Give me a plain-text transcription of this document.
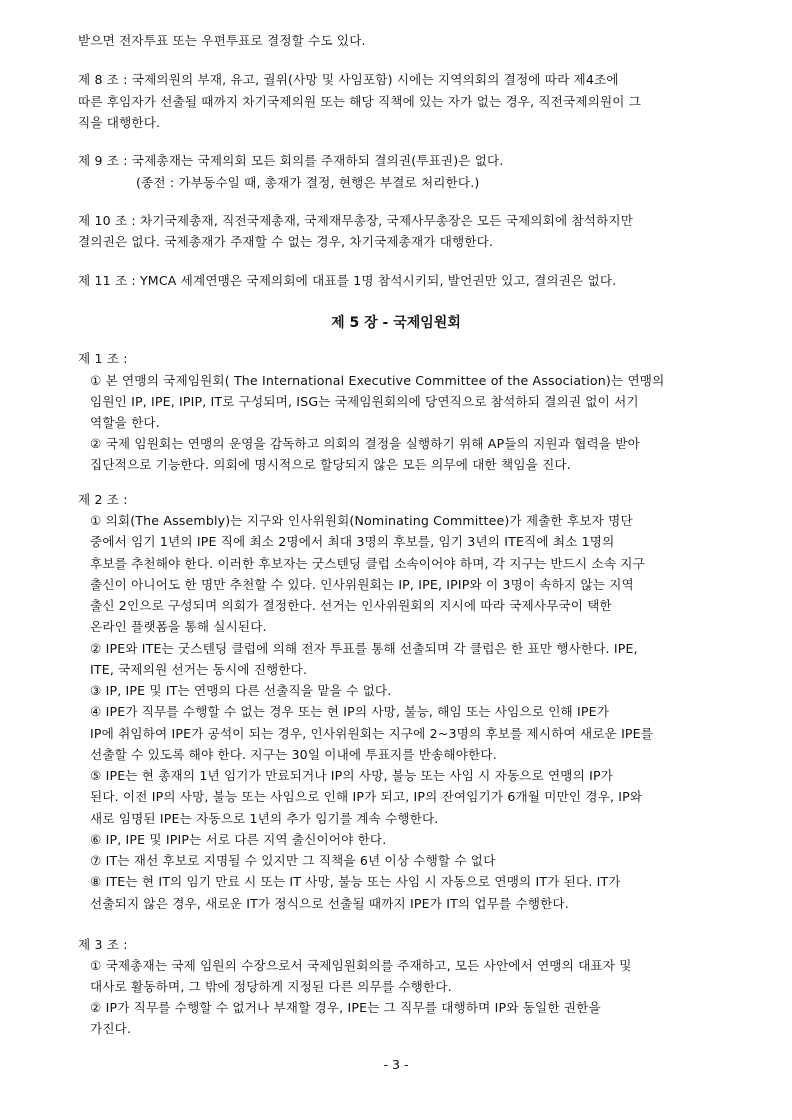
받으면 전자투표 또는 우편투표로 결정할 수도 있다.
제 8 조 : 국제의원의 부재, 유고, 궐위(사망 및 사임포함) 시에는 지역의회의 결정에 따라 제4조에
따른 후임자가 선출될 때까지 차기국제의원 또는 해당 직책에 있는 자가 없는 경우, 직전국제의원이 그
직을 대행한다.
제 9 조 : 국제총재는 국제의회 모든 회의를 주재하되 결의권(투표권)은 없다.
(종전 : 가부동수일 때, 총재가 결정, 현행은 부결로 처리한다.)
제 10 조 : 차기국제총재, 직전국제총재, 국제재무총장, 국제사무총장은 모든 국제의회에 참석하지만
결의권은 없다. 국제총재가 주재할 수 없는 경우, 차기국제총재가 대행한다.
제 11 조 : YMCA 세계연맹은 국제의회에 대표를 1명 참석시키되, 발언권만 있고, 결의권은 없다.
제 5 장 - 국제임원회
제 1 조 :
① 본 연맹의 국제임원회( The International Executive Committee of the Association)는 연맹의
임원인 IP, IPE, IPIP, IT로 구성되며, ISG는 국제임원회의에 당연직으로 참석하되 결의권 없이 서기
역할을 한다.
② 국제 임원회는 연맹의 운영을 감독하고 의회의 결정을 실행하기 위해 AP들의 지원과 협력을 받아
집단적으로 기능한다. 의회에 명시적으로 할당되지 않은 모든 의무에 대한 책임을 진다.
제 2 조 :
① 의회(The Assembly)는 지구와 인사위원회(Nominating Committee)가 제출한 후보자 명단
중에서 임기 1년의 IPE 직에 최소 2명에서 최대 3명의 후보를, 임기 3년의 ITE직에 최소 1명의
후보를 추천해야 한다. 이러한 후보자는 굿스텐딩 클럽 소속이어야 하며, 각 지구는 반드시 소속 지구
출신이 아니어도 한 명만 추천할 수 있다. 인사위원회는 IP, IPE, IPIP와 이 3명이 속하지 않는 지역
출신 2인으로 구성되며 의회가 결정한다. 선거는 인사위원회의 지시에 따라 국제사무국이 택한
온라인 플랫폼을 통해 실시된다.
② IPE와 ITE는 굿스텐딩 클럽에 의해 전자 투표를 통해 선출되며 각 클럽은 한 표만 행사한다. IPE,
ITE, 국제의원 선거는 동시에 진행한다.
③ IP, IPE 및 IT는 연맹의 다른 선출직을 맡을 수 없다.
④ IPE가 직무를 수행할 수 없는 경우 또는 현 IP의 사망, 불능, 해임 또는 사임으로 인해 IPE가
IP에 취임하여 IPE가 공석이 되는 경우, 인사위원회는 지구에 2~3명의 후보를 제시하여 새로운 IPE를
선출할 수 있도록 해야 한다. 지구는 30일 이내에 투표지를 반송해야한다.
⑤ IPE는 현 총재의 1년 임기가 만료되거나 IP의 사망, 불능 또는 사임 시 자동으로 연맹의 IP가
된다. 이전 IP의 사망, 불능 또는 사임으로 인해 IP가 되고, IP의 잔여임기가 6개월 미만인 경우, IP와
새로 임명된 IPE는 자동으로 1년의 추가 임기를 계속 수행한다.
⑥ IP, IPE 및 IPIP는 서로 다른 지역 출신이어야 한다.
⑦ IT는 재선 후보로 지명될 수 있지만 그 직책을 6년 이상 수행할 수 없다
⑧ ITE는 현 IT의 임기 만료 시 또는 IT 사망, 불능 또는 사임 시 자동으로 연맹의 IT가 된다. IT가
선출되지 않은 경우, 새로운 IT가 정식으로 선출될 때까지 IPE가 IT의 업무를 수행한다.
제 3 조 :
① 국제총재는 국제 임원의 수장으로서 국제임원회의를 주재하고, 모든 사안에서 연맹의 대표자 및
대사로 활동하며, 그 밖에 정당하게 지정된 다른 의무를 수행한다.
② IP가 직무를 수행할 수 없거나 부재할 경우, IPE는 그 직무를 대행하며 IP와 동일한 권한을
가진다.
- 3 -
